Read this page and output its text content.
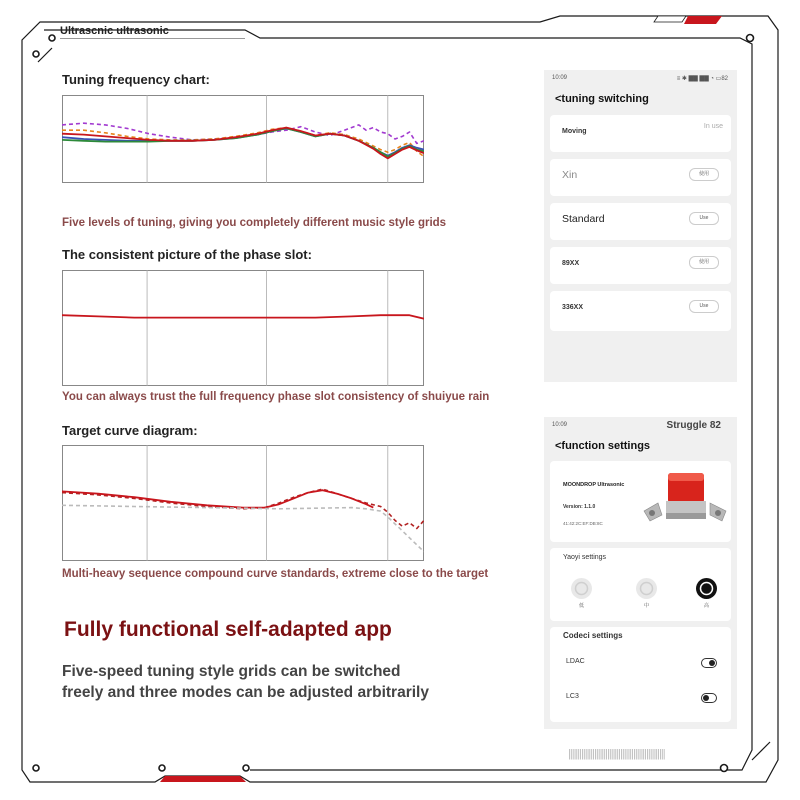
Ultrascnic ultrasonic
Tuning frequency chart:
Five levels of tuning, giving you completely different music style grids
The consistent picture of the phase slot:
You can always trust the full frequency phase slot consistency of shuiyue rain
Target curve diagram:
Multi-heavy sequence compound curve standards, extreme close to the target
Fully functional self-adapted app
Five-speed tuning style grids can be switched freely and three modes can be adjusted arbitrarily
10:09	≡ ✱ ▇▇ ▇▇ ◔ ▭82
<tuning switching
Moving
In use
Xin	使用
Standard	Use
89XX	使用
336XX	Use
10:09	Struggle 82
<function settings
MOONDROP Ultrasonic
Version: 1.1.0
41:42:2C:EF:DB:8C
Yaoyi settings
低	中	高
Codeci settings
LDAC
LC3
||||||||||||||||||||||||||||||||||||||||||||||||||||
